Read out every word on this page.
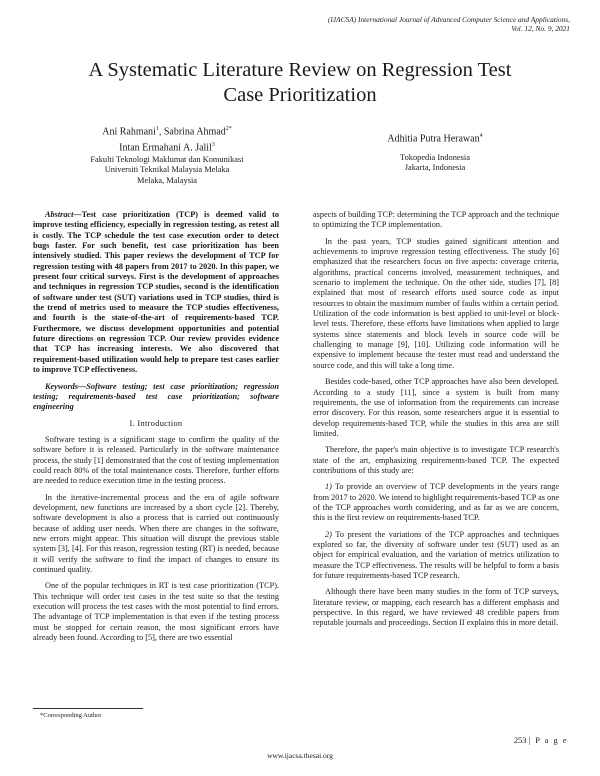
(IJACSA) International Journal of Advanced Computer Science and Applications,
Vol. 12, No. 9, 2021
A Systematic Literature Review on Regression Test
Case Prioritization
Ani Rahmani$^1$, Sabrina Ahmad$^{2*}$
Intan Ermahani A. Jalil$^3$
Fakulti Teknologi Maklumat dan Komunikasi
Universiti Teknikal Malaysia Melaka
Melaka, Malaysia
Adhitia Putra Herawan$^4$
Tokopedia Indonesia
Jakarta, Indonesia

Abstract—Test case prioritization (TCP) is deemed valid to improve testing efficiency, especially in regression testing, as retest all is costly. The TCP schedule the test case execution order to detect bugs faster. For such benefit, test case prioritization has been intensively studied. This paper reviews the development of TCP for regression testing with 48 papers from 2017 to 2020. In this paper, we present four critical surveys. First is the development of approaches and techniques in regression TCP studies, second is the identification of software under test (SUT) variations used in TCP studies, third is the trend of metrics used to measure the TCP studies effectiveness, and fourth is the state-of-the-art of requirements-based TCP. Furthermore, we discuss development opportunities and potential future directions on regression TCP. Our review provides evidence that TCP has increasing interests. We also discovered that requirement-based utilization would help to prepare test cases earlier to improve TCP effectiveness.

Keywords—Software testing; test case prioritization; regression testing; requirements-based test case prioritization; software engineering

I. Introduction

Software testing is a significant stage to confirm the quality of the software before it is released. Particularly in the software maintenance process, the study [1] demonstrated that the cost of testing implementation could reach 80% of the total maintenance costs. Therefore, further efforts are needed to reduce execution time in the testing process.

In the iterative-incremental process and the era of agile software development, new functions are increased by a short cycle [2]. Thereby, software development is also a process that is carried out continuously because of adding user needs. When there are changes in the software, new errors might appear. This situation will disrupt the previous stable system [3], [4]. For this reason, regression testing (RT) is needed, because it will verify the software to find the impact of changes to ensure its continued quality.

One of the popular techniques in RT is test case prioritization (TCP). This technique will order test cases in the test suite so that the testing execution will process the test cases with the most potential to find errors. The advantage of TCP implementation is that even if the testing process must be stopped for certain reason, the most significant errors have already been found. According to [5], there are two essential

aspects of building TCP: determining the TCP approach and the technique to optimizing the TCP implementation.

In the past years, TCP studies gained significant attention and achievements to improve regression testing effectiveness. The study [6] emphasized that the researchers focus on five aspects: coverage criteria, algorithms, practical concerns involved, measurement techniques, and scenario to implement the technique. On the other side, studies [7], [8] explained that most of research efforts used source code as input resources to obtain the maximum number of faults within a certain period. Utilization of the code information is best applied to unit-level or block-level tests. Therefore, these efforts have limitations when applied to large systems since statements and block levels in source code will be challenging to manage [9], [10]. Utilizing code information will be expensive to implement because the tester must read and understand the source code, and this will take a long time.

Besides code-based, other TCP approaches have also been developed. According to a study [11], since a system is built from many requirements, the use of information from the requirements can increase error discovery. For this reason, some researchers argue it is essential to develop requirements-based TCP, while the studies in this area are still limited.

Therefore, the paper's main objective is to investigate TCP research's state of the art, emphasizing requirements-based TCP. The expected contributions of this study are:

1) To provide an overview of TCP developments in the years range from 2017 to 2020. We intend to highlight requirements-based TCP as one of the TCP approaches worth considering, and as far as we are concern, this is the first review on requirements-based TCP.

2) To present the variations of the TCP approaches and techniques explored so far, the diversity of software under test (SUT) used as an object for empirical evaluation, and the variation of metrics utilization to measure the TCP effectiveness. The results will be helpful to form a basis for future requirements-based TCP research.

Although there have been many studies in the form of TCP surveys, literature review, or mapping, each research has a different emphasis and perspective. In this regard, we have reviewed 48 credible papers from reputable journals and proceedings. Section II explains this in more detail.

*Corresponding Author
253 | P a g e
www.ijacsa.thesai.org
